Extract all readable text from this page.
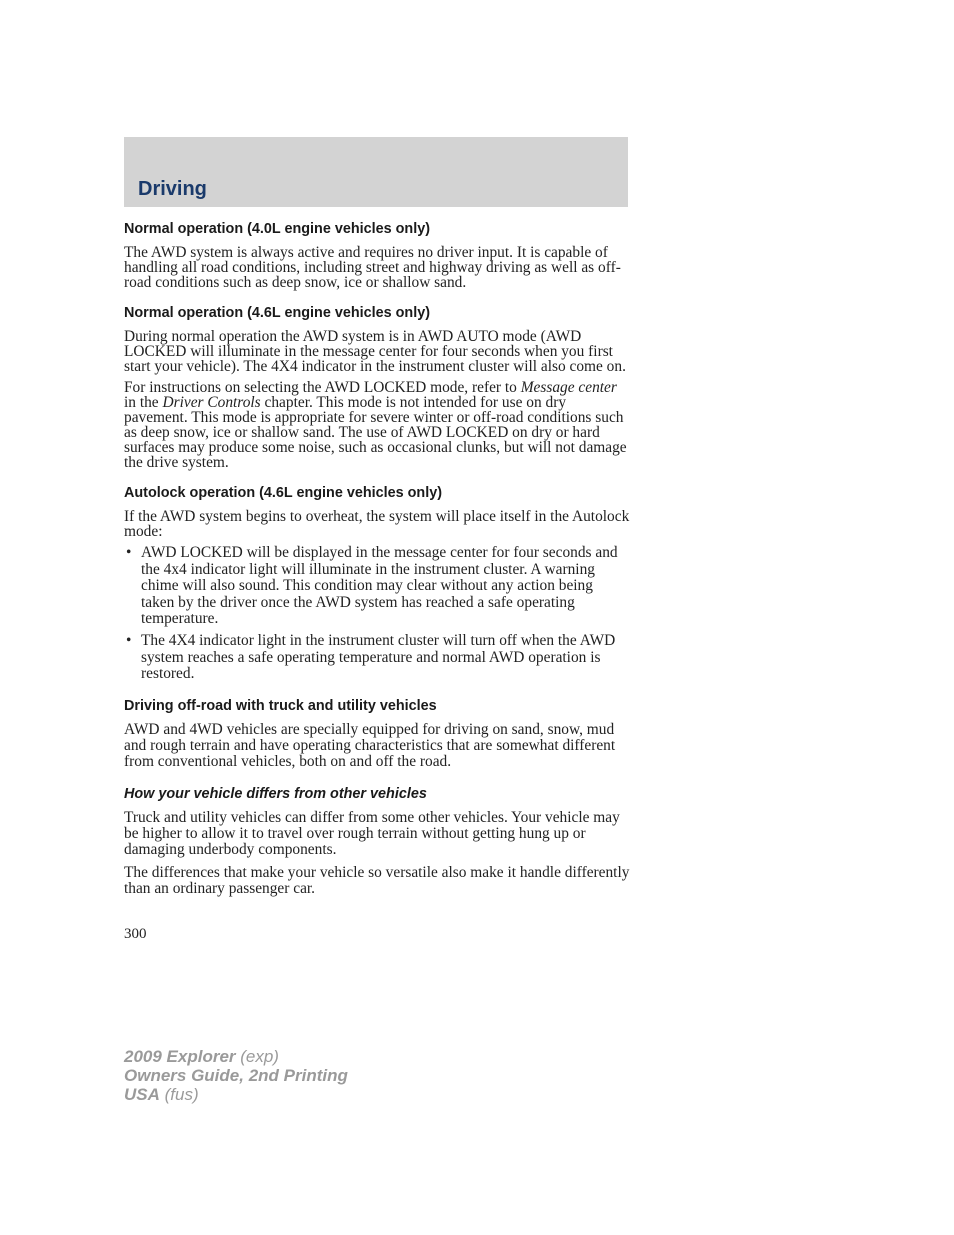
Driving
Normal operation (4.0L engine vehicles only)

The AWD system is always active and requires no driver input. It is capable of handling all road conditions, including street and highway driving as well as off-road conditions such as deep snow, ice or shallow sand.

Normal operation (4.6L engine vehicles only)

During normal operation the AWD system is in AWD AUTO mode (AWD LOCKED will illuminate in the message center for four seconds when you first start your vehicle). The 4X4 indicator in the instrument cluster will also come on.

For instructions on selecting the AWD LOCKED mode, refer to Message center in the Driver Controls chapter. This mode is not intended for use on dry pavement. This mode is appropriate for severe winter or off-road conditions such as deep snow, ice or shallow sand. The use of AWD LOCKED on dry or hard surfaces may produce some noise, such as occasional clunks, but will not damage the drive system.

Autolock operation (4.6L engine vehicles only)

If the AWD system begins to overheat, the system will place itself in the Autolock mode:

• AWD LOCKED will be displayed in the message center for four seconds and the 4x4 indicator light will illuminate in the instrument cluster. A warning chime will also sound. This condition may clear without any action being taken by the driver once the AWD system has reached a safe operating temperature.
• The 4X4 indicator light in the instrument cluster will turn off when the AWD system reaches a safe operating temperature and normal AWD operation is restored.
Driving off-road with truck and utility vehicles

AWD and 4WD vehicles are specially equipped for driving on sand, snow, mud and rough terrain and have operating characteristics that are somewhat different from conventional vehicles, both on and off the road.

How your vehicle differs from other vehicles

Truck and utility vehicles can differ from some other vehicles. Your vehicle may be higher to allow it to travel over rough terrain without getting hung up or damaging underbody components.

The differences that make your vehicle so versatile also make it handle differently than an ordinary passenger car.

300
2009 Explorer (exp)
Owners Guide, 2nd Printing
USA (fus)
